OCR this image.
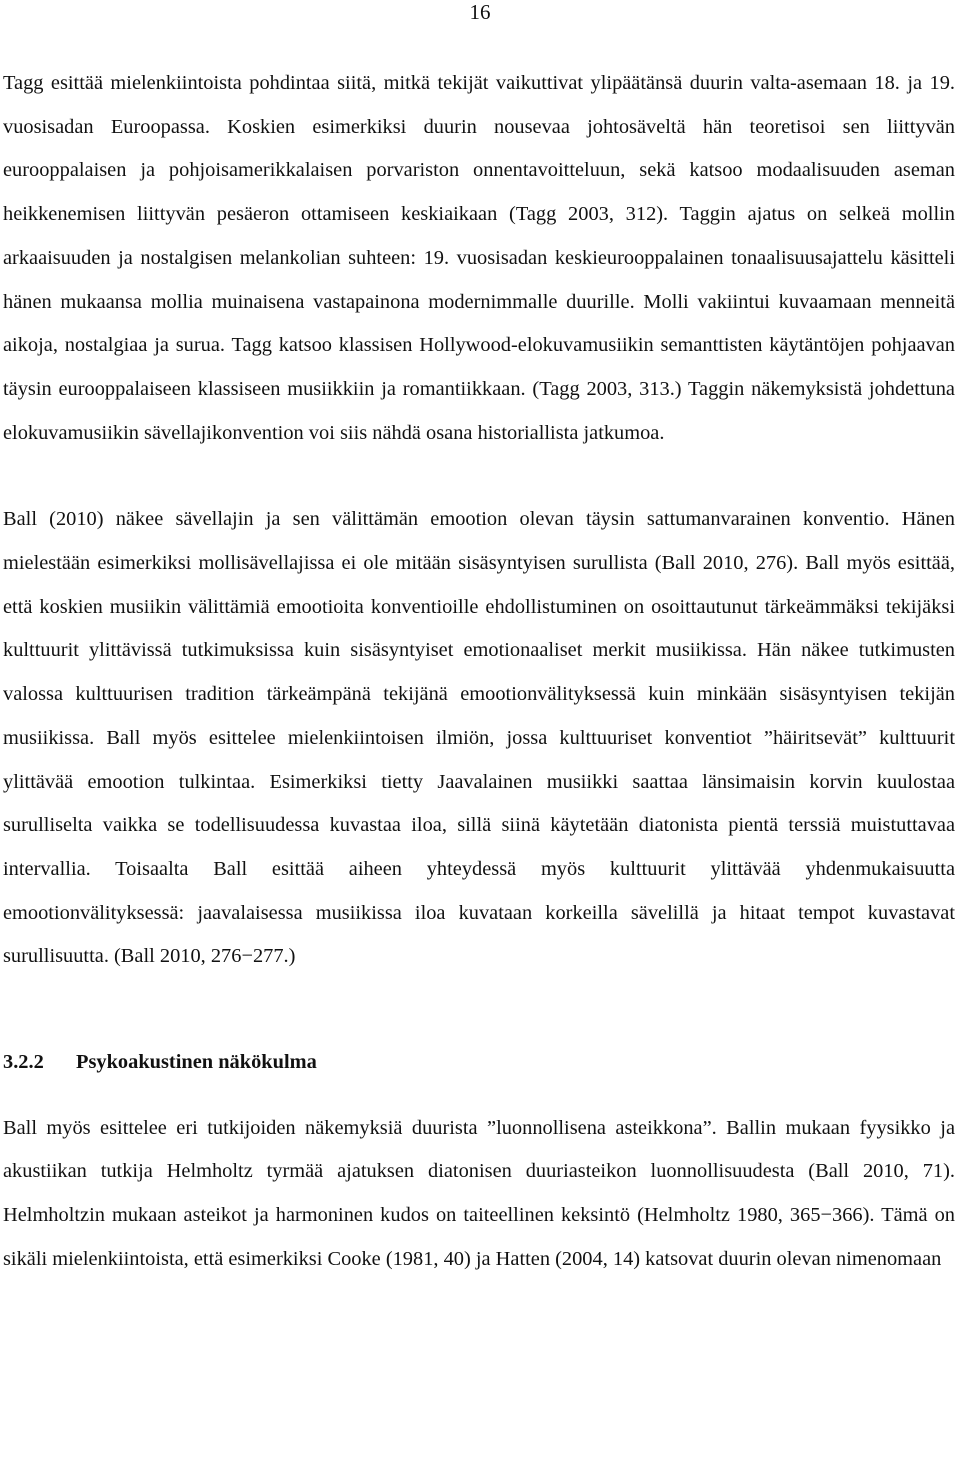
16

Tagg esittää mielenkiintoista pohdintaa siitä, mitkä tekijät vaikuttivat ylipäätänsä duurin valta-asemaan 18. ja 19. vuosisadan Euroopassa. Koskien esimerkiksi duurin nousevaa johtosäveltä hän teoretisoi sen liittyvän eurooppalaisen ja pohjoisamerikkalaisen porvariston onnentavoitteluun, sekä katsoo modaalisuuden aseman heikkenemisen liittyvän pesäeron ottamiseen keskiaikaan (Tagg 2003, 312). Taggin ajatus on selkeä mollin arkaaisuuden ja nostalgisen melankolian suhteen: 19. vuosisadan keskieurooppalainen tonaalisuusajattelu käsitteli hänen mukaansa mollia muinaisena vastapainona modernimmalle duurille. Molli vakiintui kuvaamaan menneitä aikoja, nostalgiaa ja surua. Tagg katsoo klassisen Hollywood-elokuvamusiikin semanttisten käytäntöjen pohjaavan täysin eurooppalaiseen klassiseen musiikkiin ja romantiikkaan. (Tagg 2003, 313.) Taggin näkemyksistä johdettuna elokuvamusiikin sävellajikonvention voi siis nähdä osana historiallista jatkumoa.

Ball (2010) näkee sävellajin ja sen välittämän emootion olevan täysin sattumanvarainen konventio. Hänen mielestään esimerkiksi mollisävellajissa ei ole mitään sisäsyntyisen surullista (Ball 2010, 276). Ball myös esittää, että koskien musiikin välittämiä emootioita konventioille ehdollistuminen on osoittautunut tärkeämmäksi tekijäksi kulttuurit ylittävissä tutkimuksissa kuin sisäsyntyiset emotionaaliset merkit musiikissa. Hän näkee tutkimusten valossa kulttuurisen tradition tärkeämpänä tekijänä emootionvälityksessä kuin minkään sisäsyntyisen tekijän musiikissa. Ball myös esittelee mielenkiintoisen ilmiön, jossa kulttuuriset konventiot ”häiritsevät” kulttuurit ylittävää emootion tulkintaa. Esimerkiksi tietty Jaavalainen musiikki saattaa länsimaisin korvin kuulostaa surulliselta vaikka se todellisuudessa kuvastaa iloa, sillä siinä käytetään diatonista pientä terssiä muistuttavaa intervallia. Toisaalta Ball esittää aiheen yhteydessä myös kulttuurit ylittävää yhdenmukaisuutta emootionvälityksessä: jaavalaisessa musiikissa iloa kuvataan korkeilla sävelillä ja hitaat tempot kuvastavat surullisuutta. (Ball 2010, 276−277.)

3.2.2 Psykoakustinen näkökulma

Ball myös esittelee eri tutkijoiden näkemyksiä duurista ”luonnollisena asteikkona”. Ballin mukaan fyysikko ja akustiikan tutkija Helmholtz tyrmää ajatuksen diatonisen duuriasteikon luonnollisuudesta (Ball 2010, 71). Helmholtzin mukaan asteikot ja harmoninen kudos on taiteellinen keksintö (Helmholtz 1980, 365−366). Tämä on sikäli mielenkiintoista, että esimerkiksi Cooke (1981, 40) ja Hatten (2004, 14) katsovat duurin olevan nimenomaan
